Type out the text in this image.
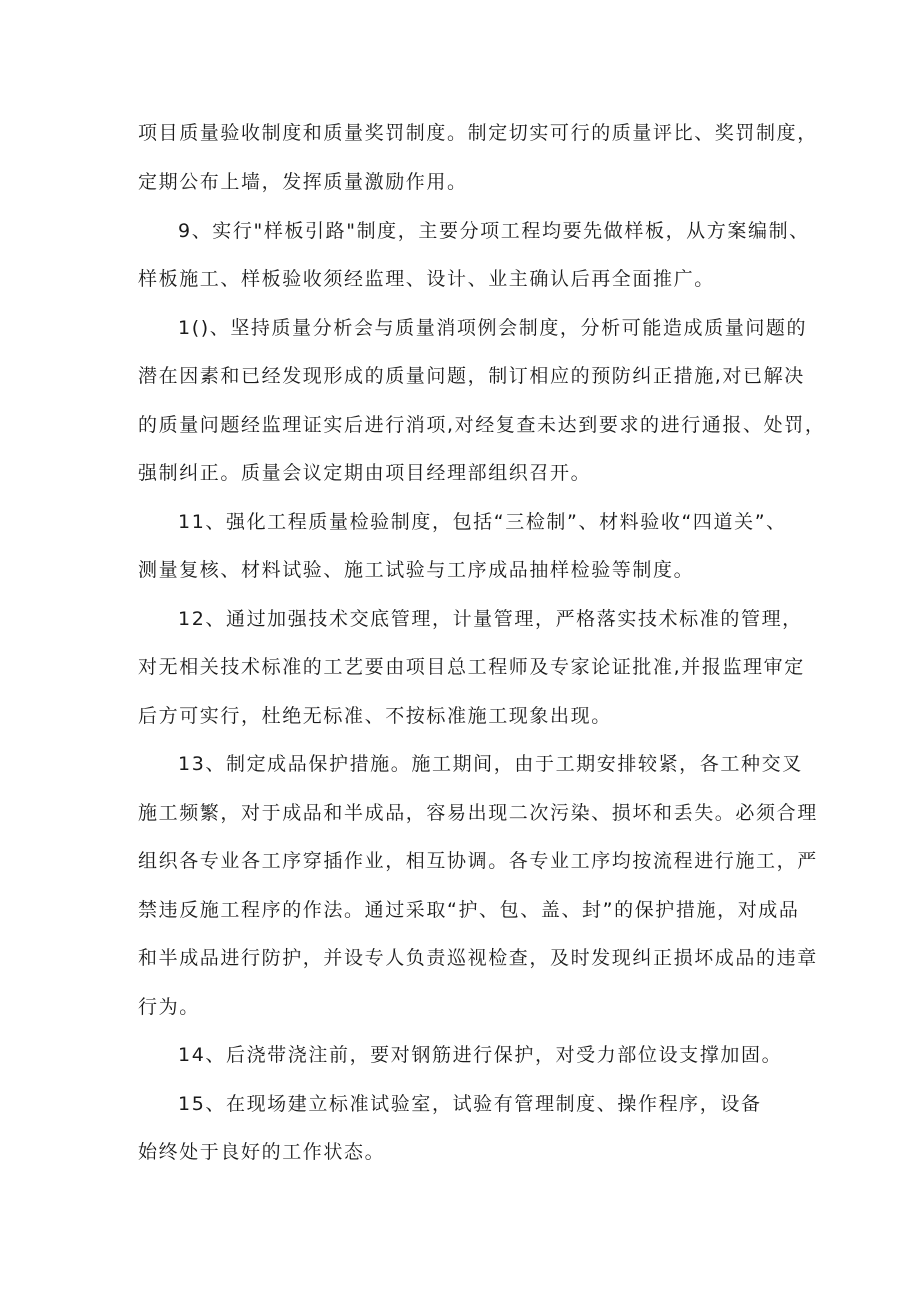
项目质量验收制度和质量奖罚制度。制定切实可行的质量评比、奖罚制度，
定期公布上墙，发挥质量激励作用。
9、实行"样板引路"制度，主要分项工程均要先做样板，从方案编制、
样板施工、样板验收须经监理、设计、业主确认后再全面推广。
1()、坚持质量分析会与质量消项例会制度，分析可能造成质量问题的
潜在因素和已经发现形成的质量问题，制订相应的预防纠正措施,对已解决
的质量问题经监理证实后进行消项,对经复查未达到要求的进行通报、处罚，
强制纠正。质量会议定期由项目经理部组织召开。
11、强化工程质量检验制度，包括“三检制”、材料验收“四道关”、
测量复核、材料试验、施工试验与工序成品抽样检验等制度。
12、通过加强技术交底管理，计量管理，严格落实技术标准的管理，
对无相关技术标准的工艺要由项目总工程师及专家论证批准,并报监理审定
后方可实行，杜绝无标准、不按标准施工现象出现。
13、制定成品保护措施。施工期间，由于工期安排较紧，各工种交叉
施工频繁，对于成品和半成品，容易出现二次污染、损坏和丢失。必须合理
组织各专业各工序穿插作业，相互协调。各专业工序均按流程进行施工，严
禁违反施工程序的作法。通过采取“护、包、盖、封”的保护措施，对成品
和半成品进行防护，并设专人负责巡视检查，及时发现纠正损坏成品的违章
行为。
14、后浇带浇注前，要对钢筋进行保护，对受力部位设支撑加固。
15、在现场建立标准试验室，试验有管理制度、操作程序，设备
始终处于良好的工作状态。
